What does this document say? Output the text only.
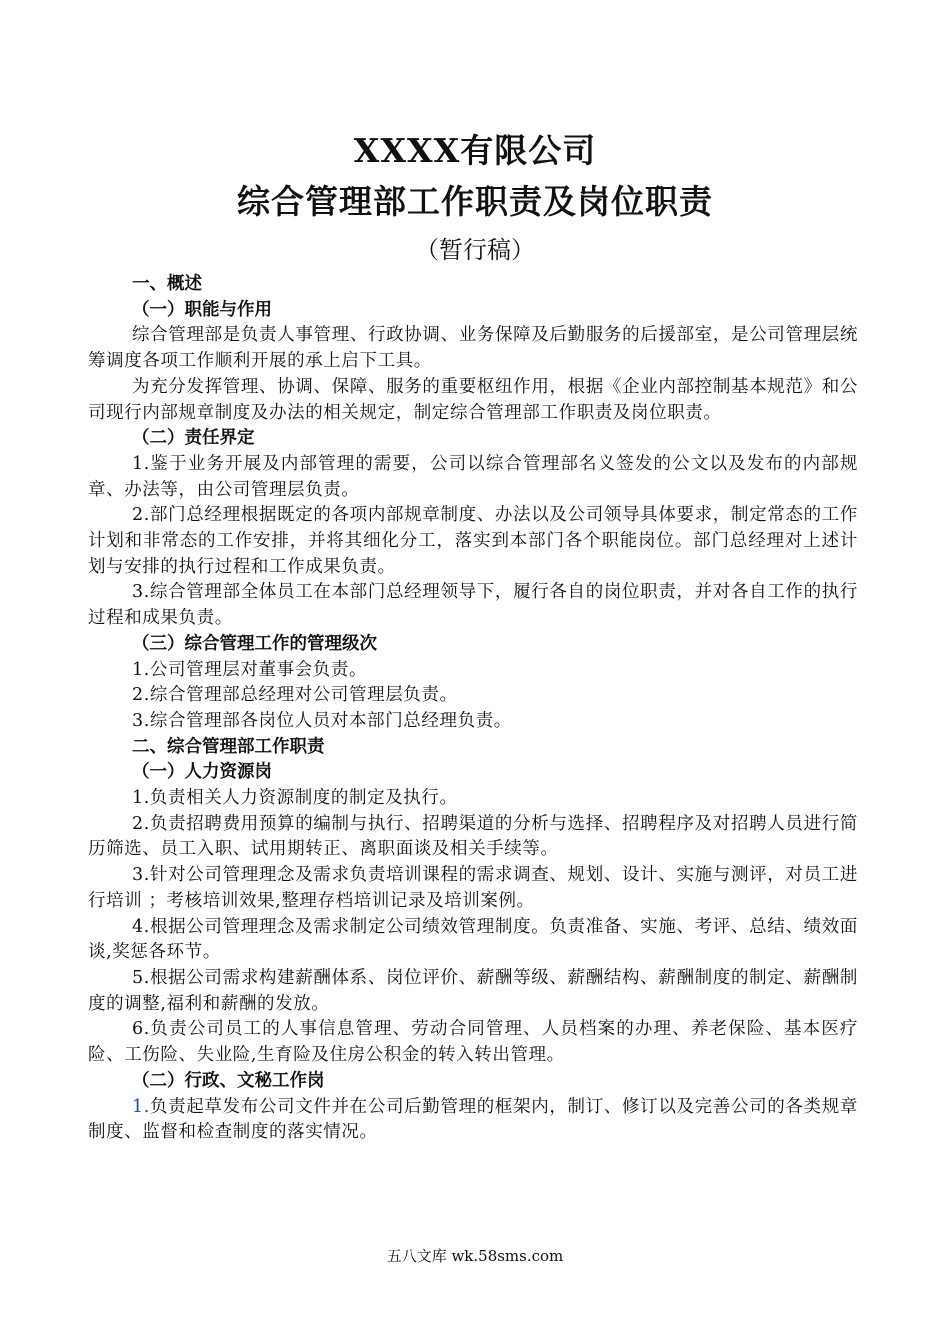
XXXX有限公司
综合管理部工作职责及岗位职责
（暂行稿）

一、概述

（一）职能与作用

综合管理部是负责人事管理、行政协调、业务保障及后勤服务的后援部室，是公司管理层统筹调度各项工作顺利开展的承上启下工具。

为充分发挥管理、协调、保障、服务的重要枢纽作用，根据《企业内部控制基本规范》和公司现行内部规章制度及办法的相关规定，制定综合管理部工作职责及岗位职责。

（二）责任界定

1.鉴于业务开展及内部管理的需要，公司以综合管理部名义签发的公文以及发布的内部规章、办法等，由公司管理层负责。

2.部门总经理根据既定的各项内部规章制度、办法以及公司领导具体要求，制定常态的工作计划和非常态的工作安排，并将其细化分工，落实到本部门各个职能岗位。部门总经理对上述计划与安排的执行过程和工作成果负责。

3.综合管理部全体员工在本部门总经理领导下，履行各自的岗位职责，并对各自工作的执行过程和成果负责。

（三）综合管理工作的管理级次

1.公司管理层对董事会负责。

2.综合管理部总经理对公司管理层负责。

3.综合管理部各岗位人员对本部门总经理负责。

二、综合管理部工作职责

（一）人力资源岗

1.负责相关人力资源制度的制定及执行。

2.负责招聘费用预算的编制与执行、招聘渠道的分析与选择、招聘程序及对招聘人员进行简历筛选、员工入职、试用期转正、离职面谈及相关手续等。

3.针对公司管理理念及需求负责培训课程的需求调查、规划、设计、实施与测评，对员工进行培训 ；考核培训效果,整理存档培训记录及培训案例。

4.根据公司管理理念及需求制定公司绩效管理制度。负责准备、实施、考评、总结、绩效面谈,奖惩各环节。

5.根据公司需求构建薪酬体系、岗位评价、薪酬等级、薪酬结构、薪酬制度的制定、薪酬制度的调整,福利和薪酬的发放。

6.负责公司员工的人事信息管理、劳动合同管理、人员档案的办理、养老保险、基本医疗险、工伤险、失业险,生育险及住房公积金的转入转出管理。

（二）行政、文秘工作岗

1.负责起草发布公司文件并在公司后勤管理的框架内，制订、修订以及完善公司的各类规章制度、监督和检查制度的落实情况。

五八文库 wk.58sms.com
